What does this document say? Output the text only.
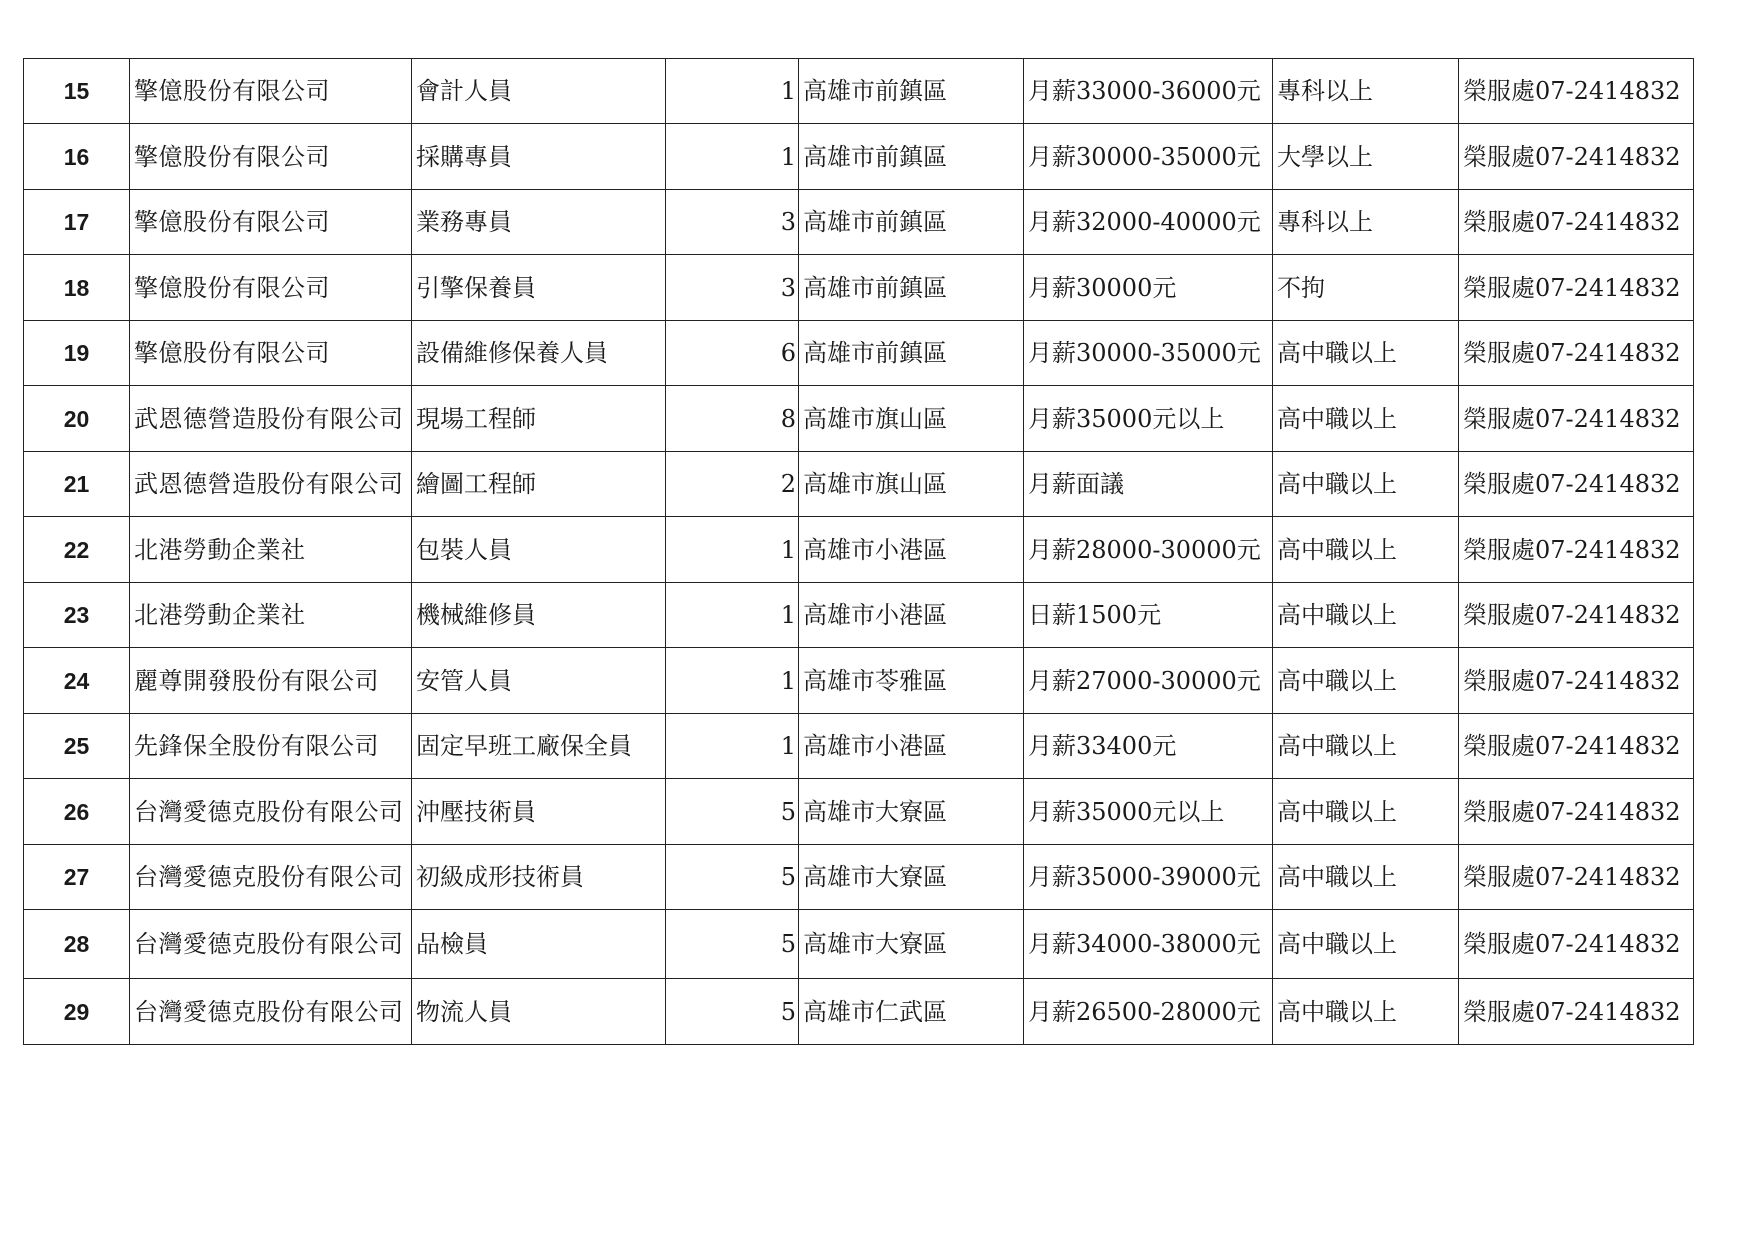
15	擎億股份有限公司	會計人員	1	高雄市前鎮區	月薪33000-36000元	專科以上	榮服處07-2414832
16	擎億股份有限公司	採購專員	1	高雄市前鎮區	月薪30000-35000元	大學以上	榮服處07-2414832
17	擎億股份有限公司	業務專員	3	高雄市前鎮區	月薪32000-40000元	專科以上	榮服處07-2414832
18	擎億股份有限公司	引擎保養員	3	高雄市前鎮區	月薪30000元	不拘	榮服處07-2414832
19	擎億股份有限公司	設備維修保養人員	6	高雄市前鎮區	月薪30000-35000元	高中職以上	榮服處07-2414832
20	武恩德營造股份有限公司	現場工程師	8	高雄市旗山區	月薪35000元以上	高中職以上	榮服處07-2414832
21	武恩德營造股份有限公司	繪圖工程師	2	高雄市旗山區	月薪面議	高中職以上	榮服處07-2414832
22	北港勞動企業社	包裝人員	1	高雄市小港區	月薪28000-30000元	高中職以上	榮服處07-2414832
23	北港勞動企業社	機械維修員	1	高雄市小港區	日薪1500元	高中職以上	榮服處07-2414832
24	麗尊開發股份有限公司	安管人員	1	高雄市苓雅區	月薪27000-30000元	高中職以上	榮服處07-2414832
25	先鋒保全股份有限公司	固定早班工廠保全員	1	高雄市小港區	月薪33400元	高中職以上	榮服處07-2414832
26	台灣愛德克股份有限公司	沖壓技術員	5	高雄市大寮區	月薪35000元以上	高中職以上	榮服處07-2414832
27	台灣愛德克股份有限公司	初級成形技術員	5	高雄市大寮區	月薪35000-39000元	高中職以上	榮服處07-2414832
28	台灣愛德克股份有限公司	品檢員	5	高雄市大寮區	月薪34000-38000元	高中職以上	榮服處07-2414832
29	台灣愛德克股份有限公司	物流人員	5	高雄市仁武區	月薪26500-28000元	高中職以上	榮服處07-2414832
